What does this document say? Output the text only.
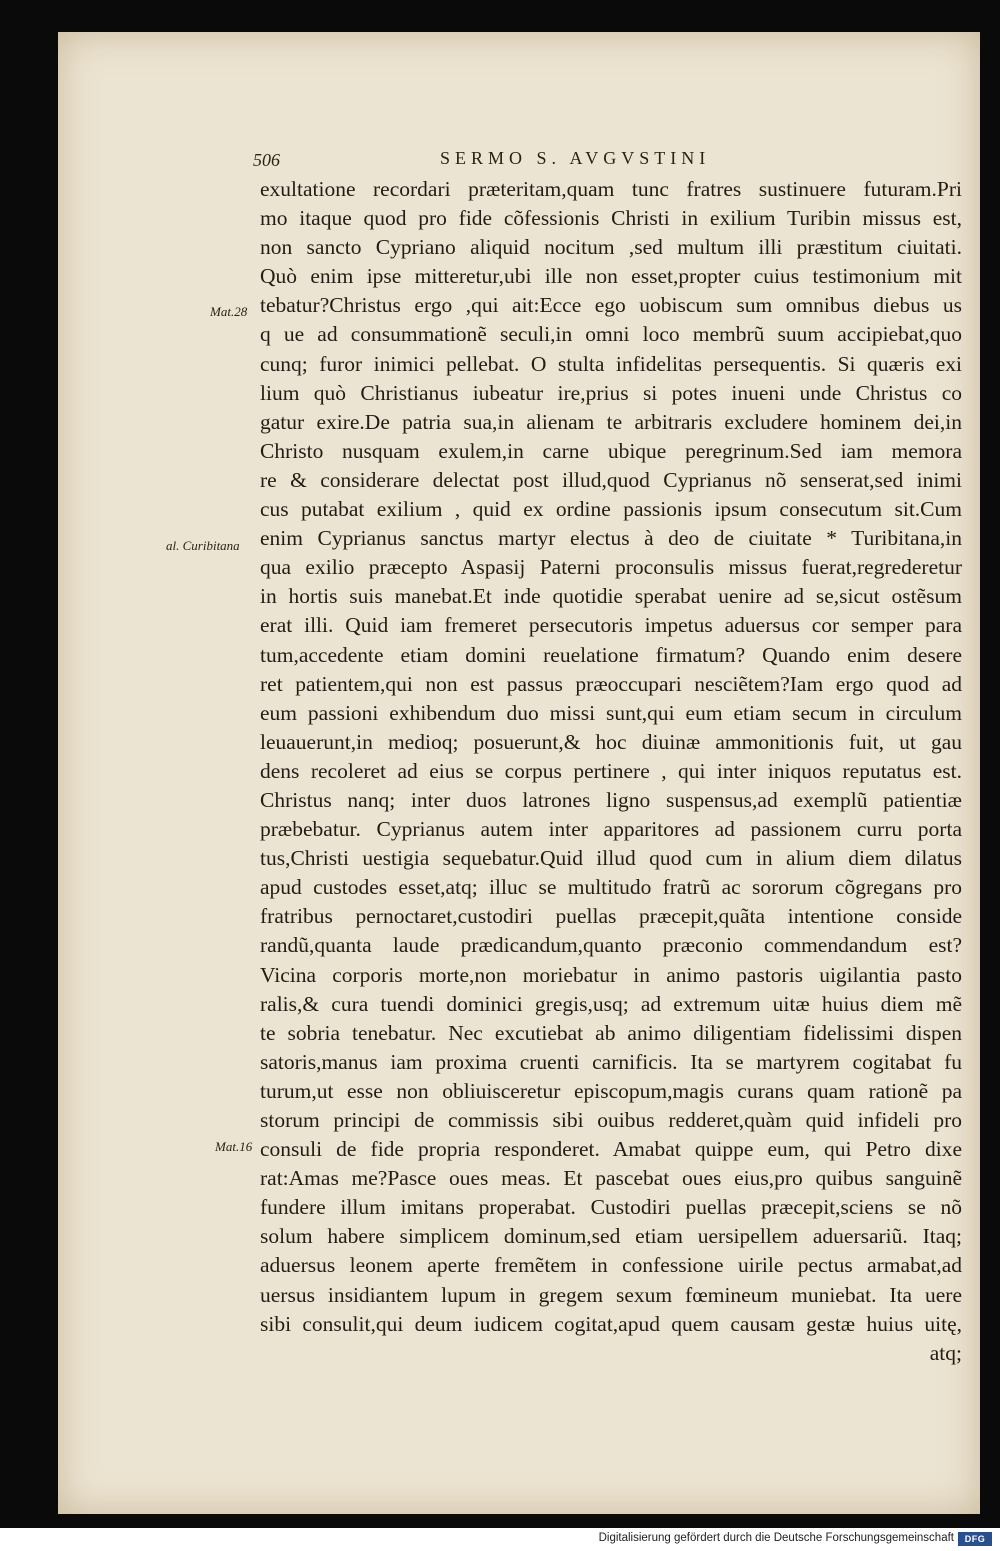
506	SERMO S. AVGVSTINI
Mat.28
al. Curibitana
Mat.16
exultatione recordari præteritam,quam tunc fratres sustinuere futuram.Pri
mo itaque quod pro fide cõfessionis Christi in exilium Turibin missus est,
non sancto Cypriano aliquid nocitum ,sed multum illi præstitum ciuitati.
Quò enim ipse mitteretur,ubi ille non esset,propter cuius testimonium mit
tebatur?Christus ergo ,qui ait:Ecce ego uobiscum sum omnibus diebus us
q ue ad consummationẽ seculi,in omni loco membrũ suum accipiebat,quo
cunq; furor inimici pellebat. O stulta infidelitas persequentis. Si quæris exi
lium quò Christianus iubeatur ire,prius si potes inueni unde Christus co
gatur exire.De patria sua,in alienam te arbitraris excludere hominem dei,in
Christo nusquam exulem,in carne ubique peregrinum.Sed iam memora
re & considerare delectat post illud,quod Cyprianus nõ senserat,sed inimi
cus putabat exilium , quid ex ordine passionis ipsum consecutum sit.Cum
enim Cyprianus sanctus martyr electus à deo de ciuitate * Turibitana,in
qua exilio præcepto Aspasij Paterni proconsulis missus fuerat,regrederetur
in hortis suis manebat.Et inde quotidie sperabat uenire ad se,sicut ostẽsum
erat illi. Quid iam fremeret persecutoris impetus aduersus cor semper para
tum,accedente etiam domini reuelatione firmatum? Quando enim desere
ret patientem,qui non est passus præoccupari nesciẽtem?Iam ergo quod ad
eum passioni exhibendum duo missi sunt,qui eum etiam secum in circulum
leuauerunt,in medioq; posuerunt,& hoc diuinæ ammonitionis fuit, ut gau
dens recoleret ad eius se corpus pertinere , qui inter iniquos reputatus est.
Christus nanq; inter duos latrones ligno suspensus,ad exemplũ patientiæ
præbebatur. Cyprianus autem inter apparitores ad passionem curru porta
tus,Christi uestigia sequebatur.Quid illud quod cum in alium diem dilatus
apud custodes esset,atq; illuc se multitudo fratrũ ac sororum cõgregans pro
fratribus pernoctaret,custodiri puellas præcepit,quãta intentione conside
randũ,quanta laude prædicandum,quanto præconio commendandum est?
Vicina corporis morte,non moriebatur in animo pastoris uigilantia pasto
ralis,& cura tuendi dominici gregis,usq; ad extremum uitæ huius diem mẽ
te sobria tenebatur. Nec excutiebat ab animo diligentiam fidelissimi dispen
satoris,manus iam proxima cruenti carnificis. Ita se martyrem cogitabat fu
turum,ut esse non obliuisceretur episcopum,magis curans quam rationẽ pa
storum principi de commissis sibi ouibus redderet,quàm quid infideli pro
consuli de fide propria responderet. Amabat quippe eum, qui Petro dixe
rat:Amas me?Pasce oues meas. Et pascebat oues eius,pro quibus sanguinẽ
fundere illum imitans properabat. Custodiri puellas præcepit,sciens se nõ
solum habere simplicem dominum,sed etiam uersipellem aduersariũ. Itaq;
aduersus leonem aperte fremẽtem in confessione uirile pectus armabat,ad
uersus insidiantem lupum in gregem sexum fœmineum muniebat. Ita uere
sibi consulit,qui deum iudicem cogitat,apud quem causam gestæ huius uitę,
atq;
Digitalisierung gefördert durch die Deutsche Forschungsgemeinschaft	DFG
